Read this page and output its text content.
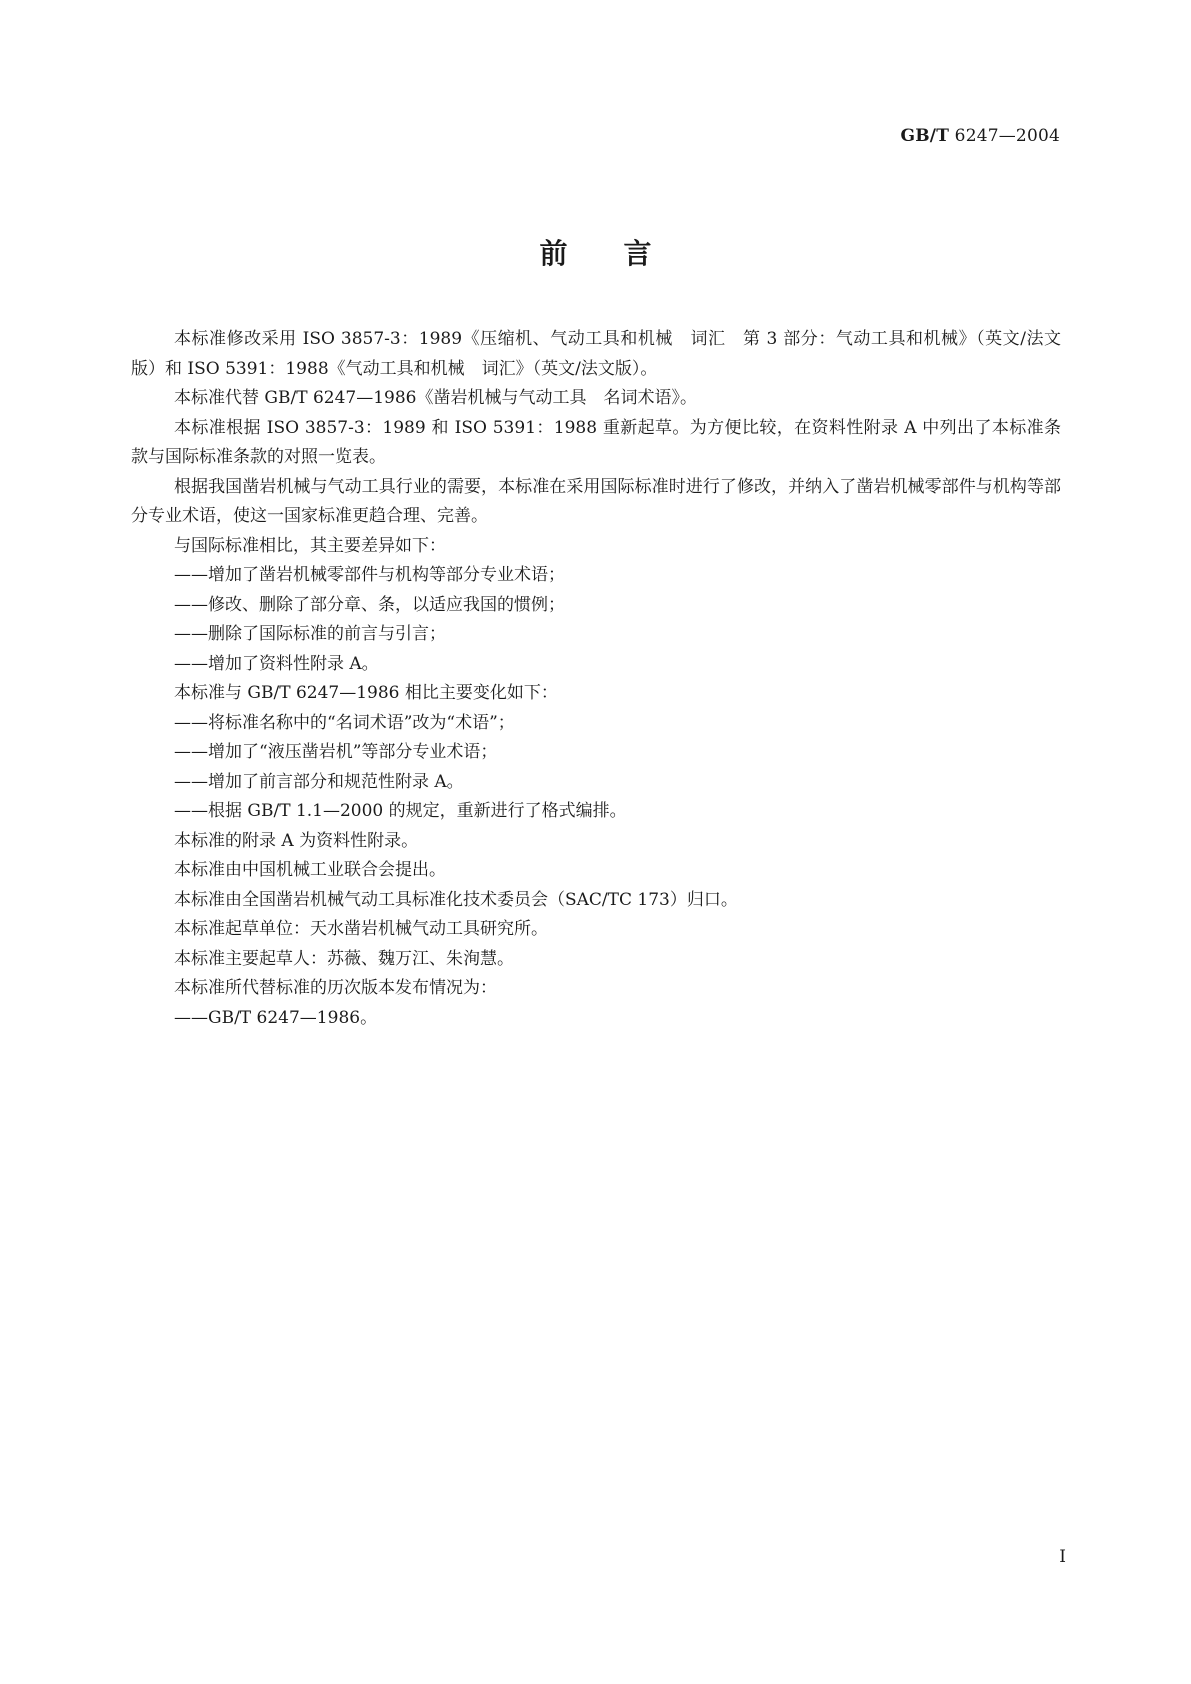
GB/T 6247—2004
前言

本标准修改采用 ISO 3857-3：1989《压缩机、气动工具和机械　词汇　第 3 部分：气动工具和机械》（英文/法文版）和 ISO 5391：1988《气动工具和机械　词汇》（英文/法文版）。

本标准代替 GB/T 6247—1986《凿岩机械与气动工具　名词术语》。

本标准根据 ISO 3857-3：1989 和 ISO 5391：1988 重新起草。为方便比较，在资料性附录 A 中列出了本标准条款与国际标准条款的对照一览表。

根据我国凿岩机械与气动工具行业的需要，本标准在采用国际标准时进行了修改，并纳入了凿岩机械零部件与机构等部分专业术语，使这一国家标准更趋合理、完善。

与国际标准相比，其主要差异如下：

——增加了凿岩机械零部件与机构等部分专业术语；

——修改、删除了部分章、条，以适应我国的惯例；

——删除了国际标准的前言与引言；

——增加了资料性附录 A。

本标准与 GB/T 6247—1986 相比主要变化如下：

——将标准名称中的“名词术语”改为“术语”；

——增加了“液压凿岩机”等部分专业术语；

——增加了前言部分和规范性附录 A。

——根据 GB/T 1.1—2000 的规定，重新进行了格式编排。

本标准的附录 A 为资料性附录。

本标准由中国机械工业联合会提出。

本标准由全国凿岩机械气动工具标准化技术委员会（SAC/TC 173）归口。

本标准起草单位：天水凿岩机械气动工具研究所。

本标准主要起草人：苏薇、魏万江、朱洵慧。

本标准所代替标准的历次版本发布情况为：

——GB/T 6247—1986。

I
